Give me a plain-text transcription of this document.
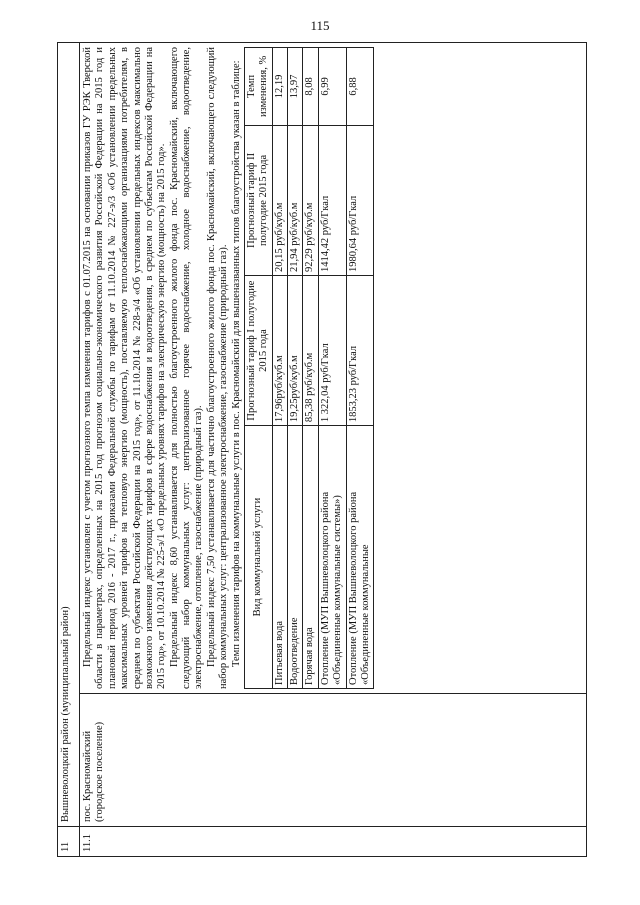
115
11	Вышневолоцкий район (муниципальный район)
11.1	пос. Красномайский (городское поселение)	

Предельный индекс установлен с учетом прогнозного темпа изменения тарифов с 01.07.2015 на основании приказов ГУ РЭК Тверской области в параметрах, определенных на 2015 год прогнозом социально-экономического развития Российской Федерации на 2015 год и плановый период 2016 - 2017 г., приказами Федеральной службы по тарифам от 11.10.2014 № 227-э/3 «Об установлении предельных максимальных уровней тарифов на тепловую энергию (мощность), поставляемую теплоснабжающими организациями потребителям, в среднем по субъектам Российской Федерации на 2015 год», от 11.10.2014 № 228-э/4 «Об установлении предельных индексов максимально возможного изменения действующих тарифов в сфере водоснабжения и водоотведения, в среднем по субъектам Российской Федерации на 2015 год», от 10.10.2014 № 225-э/1 «О предельных уровнях тарифов на электрическую энергию (мощность) на 2015 год». Предельный индекс 8,60 устанавливается для полностью благоустроенного жилого фонда пос. Красномайский, включающего следующий набор коммунальных услуг: централизованное горячее водоснабжение, холодное водоснабжение, водоотведение, электроснабжение, отопление, газоснабжение (природный газ). Предельный индекс 7,50 устанавливается для частично благоустроенного жилого фонда пос. Красномайский, включающего следующий набор коммунальных услуг: централизованное электроснабжение, газоснабжение (природный газ). Темп изменения тарифов на коммунальные услуги в пос. Красномайский для вышеназванных типов благоустройства указан в таблице: Вид коммунальной услуги	Прогнозный тариф I полугодие 2015 года	Прогнозный тариф II полугодие 2015 года	Темп изменения, %
Питьевая вода	17,96руб/куб.м	20,15 руб/куб.м	12,19
Водоотведение	19,25руб/куб.м	21,94 руб/куб.м	13,97
Горячая вода	85,38 руб/куб.м	92,29 руб/куб.м	8,08
Отопление (МУП Вышневолоцкого района «Объединенные коммунальные системы»)	1 322,04 руб/Гкал	1414,42 руб/Гкал	6,99
Отопление (МУП Вышневолоцкого района «Объединенные коммунальные	1853,23 руб/Гкал	1980,64 руб/Гкал	6,88
